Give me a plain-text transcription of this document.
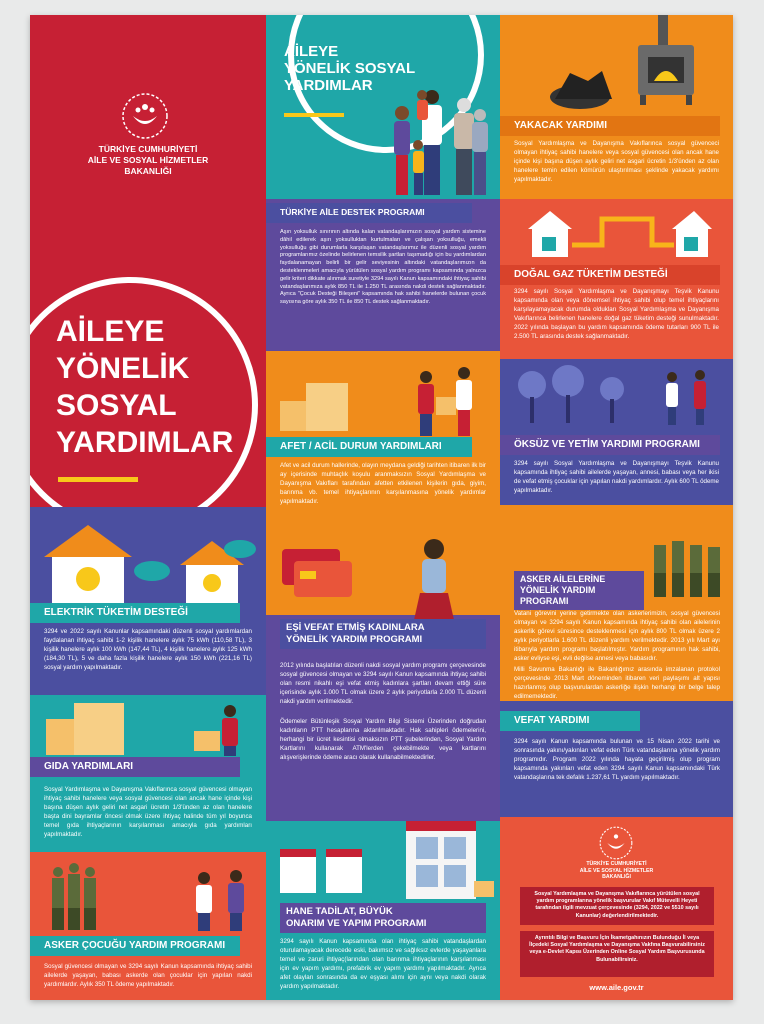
TÜRKİYE CUMHURİYETİ
AİLE VE SOSYAL HİZMETLER
BAKANLIĞI
AİLEYE
YÖNELİK
SOSYAL
YARDIMLAR
AİLEYE
YÖNELİK SOSYAL
YARDIMLAR
TÜRKİYE AİLE DESTEK PROGRAMI
Aşırı yoksulluk sınırının altında kalan vatandaşlarımızın sosyal yardım sistemine dâhil edilerek aşırı yoksulluktan kurtulmaları ve çalışan yoksulluğu, emekli yoksulluğu gibi durumlarla karşılaşan vatandaşlarımız ile düzenli sosyal yardım programlarımız özelinde belirlenen temsilik şartları taşımadığı için bu yardımlardan faydalanamayan belirli bir gelir seviyesinin altındaki vatandaşlarımızın da desteklenmeleri amacıyla yürütülen sosyal yardım programı kapsamında yalnızca gelir kriteri dikkate alınmak suretiyle 3294 sayılı Kanun kapsamındaki ihtiyaç sahibi vatandaşlarımıza aylık 850 TL ile 1.250 TL arasında nakdi destek sağlanmaktadır. Ayrıca "Çocuk Desteği Bileşeni" kapsamında hak sahibi hanelerde bulunan çocuk sayısına göre aylık 350 TL ile 850 TL destek sağlanmaktadır.
YAKACAK YARDIMI
Sosyal Yardımlaşma ve Dayanışma Vakıflarınca sosyal güvenceci olmayan ihtiyaç sahibi hanelere veya sosyal güvencesi olan ancak hane içinde kişi başına düşen aylık geliri net asgari ücretin 1/3'ünden az olan hanelere temin edilen kömürün ulaştırılması şeklinde yakacak yardımı yapılmaktadır.
DOĞAL GAZ TÜKETİM DESTEĞİ
3294 sayılı Sosyal Yardımlaşma ve Dayanışmayı Teşvik Kanunu kapsamında olan veya dönemsel ihtiyaç sahibi olup temel ihtiyaçlarını karşılayamayacak durumda oldukları Sosyal Yardımlaşma ve Dayanışma Vakıflarınca belirlenen hanelere doğal gaz tüketim desteği sunulmaktadır. 2022 yılında başlayan bu yardım kapsamında ödeme tutarları 900 TL ile 2.500 TL arasında destek sağlanmaktadır.
AFET / ACİL DURUM YARDIMLARI
Afet ve acil durum hallerinde, olayın meydana geldiği tarihten itibaren ilk bir ay içerisinde muhtaçlık koşulu aranmaksızın Sosyal Yardımlaşma ve Dayanışma Vakıfları tarafından afetten etkilenen kişilerin gıda, giyim, barınma vb. temel ihtiyaçlarının karşılanmasına yönelik yardımlar yapılmaktadır.
ÖKSÜZ VE YETİM YARDIMI PROGRAMI
3294 sayılı Sosyal Yardımlaşma ve Dayanışmayı Teşvik Kanunu kapsamında ihtiyaç sahibi ailelerde yaşayan, annesi, babası veya her ikisi de vefat etmiş çocuklar için yapılan nakdi yardımlardır. Aylık 600 TL ödeme yapılmaktadır.
ELEKTRİK TÜKETİM DESTEĞİ
3294 ve 2022 sayılı Kanunlar kapsamındaki düzenli sosyal yardımlardan faydalanan ihtiyaç sahibi 1-2 kişilik hanelere aylık 75 kWh (110,58 TL), 3 kişilik hanelere aylık 100 kWh (147,44 TL), 4 kişilik hanelere aylık 125 kWh (184,30 TL), 5 ve daha fazla kişilik hanelere aylık 150 kWh (221,16 TL) sosyal yardım yapılmaktadır.
GIDA YARDIMLARI
Sosyal Yardımlaşma ve Dayanışma Vakıflarınca sosyal güvencesi olmayan ihtiyaç sahibi hanelere veya sosyal güvencesi olan ancak hane içinde kişi başına düşen aylık geliri net asgari ücretin 1/3'ünden az olan hanelere başta dini bayramlar öncesi olmak üzere ihtiyaç halinde tüm yıl boyunca temel gıda ihtiyaçlarının karşılanması amacıyla gıda yardımları yapılmaktadır.
ASKER ÇOCUĞU YARDIM PROGRAMI
Sosyal güvencesi olmayan ve 3294 sayılı Kanun kapsamında ihtiyaç sahibi ailelerde yaşayan, babası askerde olan çocuklar için yapılan nakdi yardımlardır. Aylık 350 TL ödeme yapılmaktadır.
EŞİ VEFAT ETMİŞ KADINLARA
YÖNELİK YARDIM PROGRAMI
2012 yılında başlatılan düzenli nakdi sosyal yardım programı çerçevesinde sosyal güvencesi olmayan ve 3294 sayılı Kanun kapsamında ihtiyaç sahibi olan resmi nikahlı eşi vefat etmiş kadınlara şartları devam ettiği süre içerisinde aylık 1.000 TL olmak üzere 2 aylık periyotlarla 2.000 TL düzenli nakdi yardım verilmektedir.
Ödemeler Bütünleşik Sosyal Yardım Bilgi Sistemi Üzerinden doğrudan kadınların PTT hesaplarına aktarılmaktadır. Hak sahipleri ödemelerini, herhangi bir ücret kesintisi olmaksızın PTT şubelerinden, Sosyal Yardım Kartlarını kullanarak ATM'lerden çekebilmekte veya kartlarını alışverişlerinde ödeme aracı olarak kullanabilmektedirler.
HANE TADİLAT, BÜYÜK
ONARIM VE YAPIM PROGRAMI
3294 sayılı Kanun kapsamında olan ihtiyaç sahibi vatandaşlardan oturulamayacak derecede eski, bakımsız ve sağlıksız evlerde yaşayanlara temel ve zaruri ihtiyaç(larından olan barınma ihtiyaçlarının karşılanması için ev yapım yardımı, prefabrik ev yapım yardımı yapılmaktadır. Ayrıca afet olayları sonrasında da ev eşyası alımı için aynı veya nakdi olarak yardım yapılmaktadır.
ASKER AİLELERİNE
YÖNELİK YARDIM PROGRAMI
Vatani görevini yerine getirmekte olan askerlerimizin, sosyal güvencesi olmayan ve 3294 sayılı Kanun kapsamında ihtiyaç sahibi olan ailelerinin askerlik görevi süresince desteklenmesi için aylık 800 TL olmak üzere 2 aylık periyotlarla 1.600 TL düzenli yardım verilmektedir. 2013 yılı Mart ayı itibarıyla yardım programı başlatılmıştır. Yardım programının hak sahibi, asker evliyse eşi, evli değilse annesi veya babasıdır.
Milli Savunma Bakanlığı ile Bakanlığımız arasında imzalanan protokol çerçevesinde 2013 Mart döneminden itibaren veri paylaşımı alt yapısı hazırlanmış olup başvurulardan askerliğe ilişkin herhangi bir belge talep edilmemektedir.
VEFAT YARDIMI
3294 sayılı Kanun kapsamında bulunan ve 15 Nisan 2022 tarihi ve sonrasında yakını/yakınları vefat eden Türk vatandaşlarına yönelik yardım programıdır. Program 2022 yılında hayata geçirilmiş olup program kapsamında yakınları vefat eden 3294 sayılı Kanun kapsamındaki Türk vatandaşlarına tek defalık 1.237,61 TL yardım yapılmaktadır.
TÜRKİYE CUMHURİYETİ
AİLE VE SOSYAL HİZMETLER
BAKANLIĞI
Sosyal Yardımlaşma ve Dayanışma Vakıflarınca yürütülen sosyal yardım programlarına yönelik başvurular Vakıf Mütevelli Heyeti tarafından ilgili mevzuat çerçevesinde (3294, 2022 ve 5510 sayılı Kanunlar) değerlendirilmektedir.
Ayrıntılı Bilgi ve Başvuru İçin İkametgahınızın Bulunduğu İl veya İlçedeki Sosyal Yardımlaşma ve Dayanışma Vakfına Başvurabilirsiniz veya e-Devlet Kapısı Üzerinden Online Sosyal Yardım Başvurusunda Bulunabilirsiniz.
www.aile.gov.tr
